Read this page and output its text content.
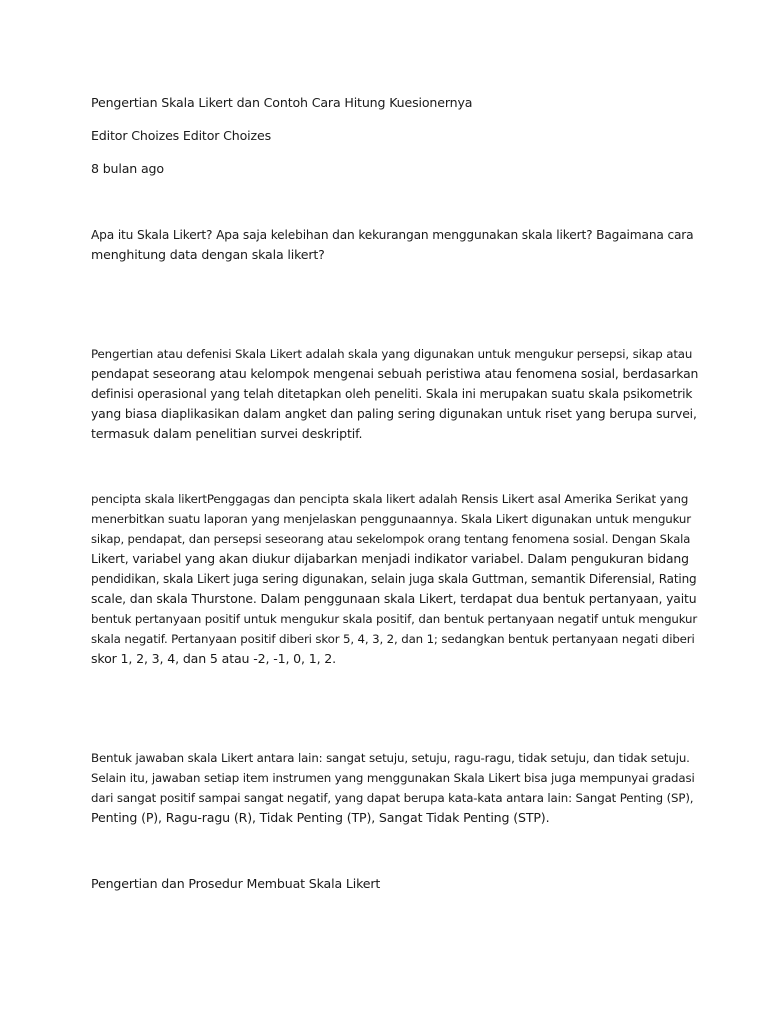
Pengertian Skala Likert dan Contoh Cara Hitung Kuesionernya

Editor Choizes Editor Choizes

8 bulan ago

Apa itu Skala Likert? Apa saja kelebihan dan kekurangan menggunakan skala likert? Bagaimana cara

menghitung data dengan skala likert?

Pengertian atau defenisi Skala Likert adalah skala yang digunakan untuk mengukur persepsi, sikap atau

pendapat seseorang atau kelompok mengenai sebuah peristiwa atau fenomena sosial, berdasarkan

definisi operasional yang telah ditetapkan oleh peneliti. Skala ini merupakan suatu skala psikometrik

yang biasa diaplikasikan dalam angket dan paling sering digunakan untuk riset yang berupa survei,

termasuk dalam penelitian survei deskriptif.

pencipta skala likertPenggagas dan pencipta skala likert adalah Rensis Likert asal Amerika Serikat yang

menerbitkan suatu laporan yang menjelaskan penggunaannya. Skala Likert digunakan untuk mengukur

sikap, pendapat, dan persepsi seseorang atau sekelompok orang tentang fenomena sosial. Dengan Skala

Likert, variabel yang akan diukur dijabarkan menjadi indikator variabel. Dalam pengukuran bidang

pendidikan, skala Likert juga sering digunakan, selain juga skala Guttman, semantik Diferensial, Rating

scale, dan skala Thurstone. Dalam penggunaan skala Likert, terdapat dua bentuk pertanyaan, yaitu

bentuk pertanyaan positif untuk mengukur skala positif, dan bentuk pertanyaan negatif untuk mengukur

skala negatif. Pertanyaan positif diberi skor 5, 4, 3, 2, dan 1; sedangkan bentuk pertanyaan negati diberi

skor 1, 2, 3, 4, dan 5 atau -2, -1, 0, 1, 2.

Bentuk jawaban skala Likert antara lain: sangat setuju, setuju, ragu-ragu, tidak setuju, dan tidak setuju.

Selain itu, jawaban setiap item instrumen yang menggunakan Skala Likert bisa juga mempunyai gradasi

dari sangat positif sampai sangat negatif, yang dapat berupa kata-kata antara lain: Sangat Penting (SP),

Penting (P), Ragu-ragu (R), Tidak Penting (TP), Sangat Tidak Penting (STP).

Pengertian dan Prosedur Membuat Skala Likert
